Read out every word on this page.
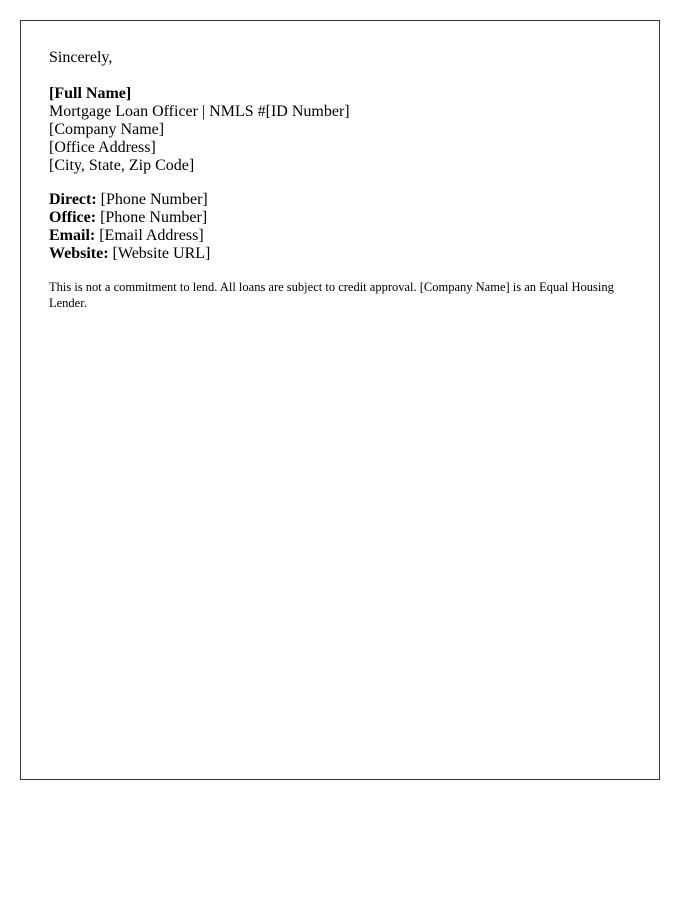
Sincerely,

[Full Name]
Mortgage Loan Officer | NMLS #[ID Number]
[Company Name]
[Office Address]
[City, State, Zip Code]
Direct: [Phone Number]
Office: [Phone Number]
Email: [Email Address]
Website: [Website URL]

This is not a commitment to lend. All loans are subject to credit approval. [Company Name] is an Equal Housing Lender.
